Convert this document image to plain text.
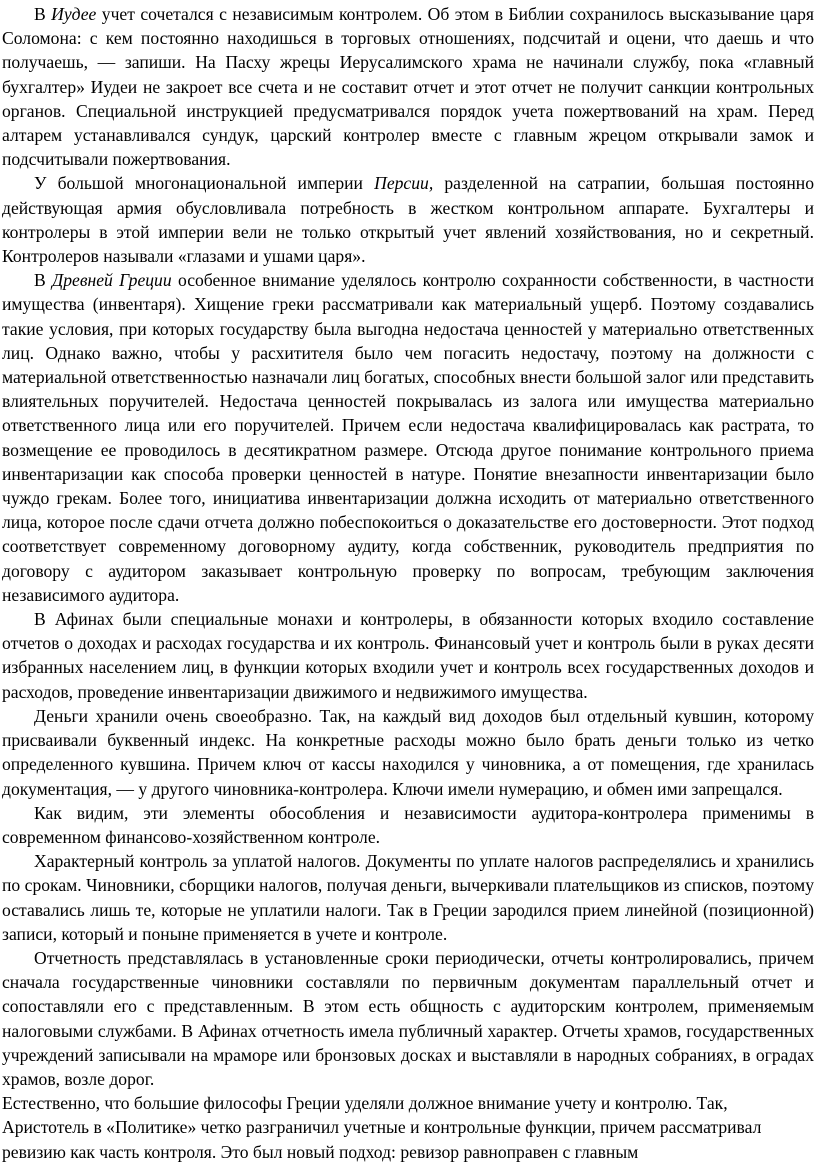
В Иудее учет сочетался с независимым контролем. Об этом в Библии сохранилось высказывание царя Соломона: с кем постоянно находишься в торговых отношениях, подсчитай и оцени, что даешь и что получаешь, — запиши. На Пасху жрецы Иерусалимского храма не начинали службу, пока «главный бухгалтер» Иудеи не закроет все счета и не составит отчет и этот отчет не получит санкции контрольных органов. Специальной инструкцией предусматривался порядок учета пожертвований на храм. Перед алтарем устанавливался сундук, царский контролер вместе с главным жрецом открывали замок и подсчитывали пожертвования.

У большой многонациональной империи Персии, разделенной на сатрапии, большая постоянно действующая армия обусловливала потребность в жестком контрольном аппарате. Бухгалтеры и контролеры в этой империи вели не только открытый учет явлений хозяйствования, но и секретный. Контролеров называли «глазами и ушами царя».

В Древней Греции особенное внимание уделялось контролю сохранности собственности, в частности имущества (инвентаря). Хищение греки рассматривали как материальный ущерб. Поэтому создавались такие условия, при которых государству была выгодна недостача ценностей у материально ответственных лиц. Однако важно, чтобы у расхитителя было чем погасить недостачу, поэтому на должности с материальной ответственностью назначали лиц богатых, способных внести большой залог или представить влиятельных поручителей. Недостача ценностей покрывалась из залога или имущества материально ответственного лица или его поручителей. Причем если недостача квалифицировалась как растрата, то возмещение ее проводилось в десятикратном размере. Отсюда другое понимание контрольного приема инвентаризации как способа проверки ценностей в натуре. Понятие внезапности инвентаризации было чуждо грекам. Более того, инициатива инвентаризации должна исходить от материально ответственного лица, которое после сдачи отчета должно побеспокоиться о доказательстве его достоверности. Этот подход соответствует современному договорному аудиту, когда собственник, руководитель предприятия по договору с аудитором заказывает контрольную проверку по вопросам, требующим заключения независимого аудитора.

В Афинах были специальные монахи и контролеры, в обязанности которых входило составление отчетов о доходах и расходах государства и их контроль. Финансовый учет и контроль были в руках десяти избранных населением лиц, в функции которых входили учет и контроль всех государственных доходов и расходов, проведение инвентаризации движимого и недвижимого имущества.

Деньги хранили очень своеобразно. Так, на каждый вид доходов был отдельный кувшин, которому присваивали буквенный индекс. На конкретные расходы можно было брать деньги только из четко определенного кувшина. Причем ключ от кассы находился у чиновника, а от помещения, где хранилась документация, — у другого чиновника-контролера. Ключи имели нумерацию, и обмен ими запрещался.

Как видим, эти элементы обособления и независимости аудитора-контролера применимы в современном финансово-хозяйственном контроле.

Характерный контроль за уплатой налогов. Документы по уплате налогов распределялись и хранились по срокам. Чиновники, сборщики налогов, получая деньги, вычеркивали плательщиков из списков, поэтому оставались лишь те, которые не уплатили налоги. Так в Греции зародился прием линейной (позиционной) записи, который и поныне применяется в учете и контроле.

Отчетность представлялась в установленные сроки периодически, отчеты контролировались, причем сначала государственные чиновники составляли по первичным документам параллельный отчет и сопоставляли его с представленным. В этом есть общность с аудиторским контролем, применяемым налоговыми службами. В Афинах отчетность имела публичный характер. Отчеты храмов, государственных учреждений записывали на мраморе или бронзовых досках и выставляли в народных собраниях, в оградах храмов, возле дорог.

Естественно, что большие философы Греции уделяли должное внимание учету и контролю. Так, Аристотель в «Политике» четко разграничил учетные и контрольные функции, причем рассматривал ревизию как часть контроля. Это был новый подход: ревизор равноправен с главным
